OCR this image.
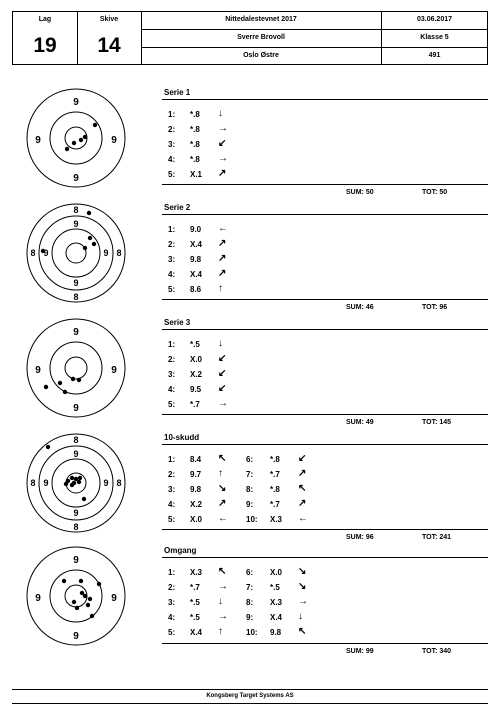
Lag
19
Skive
14
Nittedalestevnet 2017
Sverre Brovoll
Oslo Østre
03.06.2017
Klasse 5
491
9
9
9	9
Serie 1
1: *.8 ↓
2: *.8 →
3: *.8 ↙
4: *.8 →
5: X.1 ↗
SUM: 50	TOT: 50
8
8
8	8
9
9
9	9
Serie 2
1: 9.0 ←
2: X.4 ↗
3: 9.8 ↗
4: X.4 ↗
5: 8.6 ↑
SUM: 46	TOT: 96
9
9
9	9
Serie 3
1: *.5 ↓
2: X.0 ↙
3: X.2 ↙
4: 9.5 ↙
5: *.7 →
SUM: 49	TOT: 145
8
8
8	8
9
9
9	9
10-skudd
1: 8.4 ↖
2: 9.7 ↑
3: 9.8 ↘
4: X.2 ↗
5: X.0 ←
6: *.8 ↙
7: *.7 ↗
8: *.8 ↖
9: *.7 ↗
10: X.3 ←
SUM: 96	TOT: 241
9
9
9	9
Omgang
1: X.3 ↖
2: *.7 →
3: *.5 ↓
4: *.5 →
5: X.4 ↑
6: X.0 ↘
7: *.5 ↘
8: X.3 →
9: X.4 ↓
10: 9.8 ↖
SUM: 99	TOT: 340
Kongsberg Target Systems AS
